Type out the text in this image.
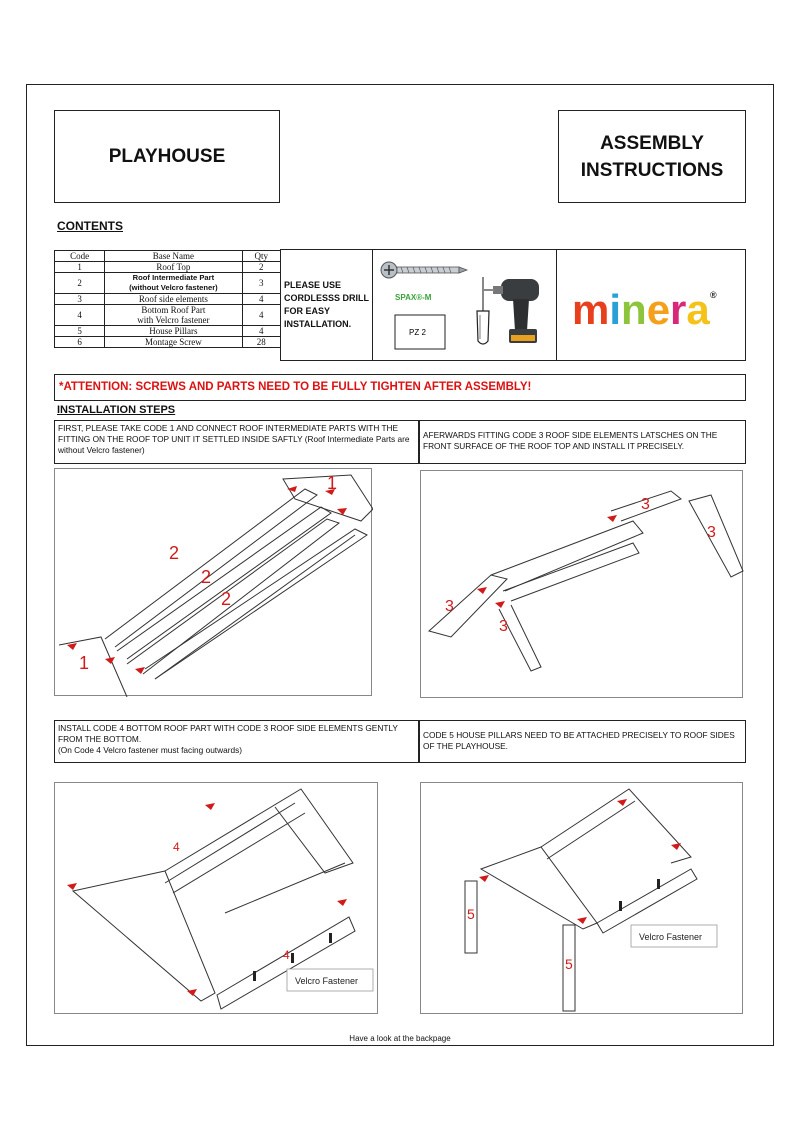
PLAYHOUSE
ASSEMBLY
INSTRUCTIONS
CONTENTS
Code	Base Name	Qty
1	Roof Top	2
2	Roof Intermediate Part
(without Velcro fastener)	3
3	Roof side elements	4
4	Bottom Roof Part
with Velcro fastener	4
5	House Pillars	4
6	Montage Screw	28
PLEASE USE
CORDLESSS DRILL
FOR EASY
INSTALLATION.
SPAX®-M
PZ 2	minera ®
*ATTENTION: SCREWS AND PARTS NEED TO BE FULLY TIGHTEN AFTER ASSEMBLY!
INSTALLATION STEPS
FIRST, PLEASE TAKE CODE 1 AND CONNECT ROOF INTERMEDIATE PARTS WITH THE FITTING ON THE ROOF TOP UNIT IT SETTLED INSIDE SAFTLY (Roof Intermediate Parts are without Velcro fastener)
AFERWARDS FITTING CODE 3 ROOF SIDE ELEMENTS LATSCHES ON THE FRONT SURFACE OF THE ROOF TOP AND INSTALL IT PRECISELY.
1
2
2
2
1
3
3
3
3
INSTALL CODE 4 BOTTOM ROOF PART WITH CODE 3 ROOF SIDE ELEMENTS GENTLY FROM THE BOTTOM.
(On Code 4 Velcro fastener must facing outwards)
CODE 5 HOUSE PILLARS NEED TO BE ATTACHED PRECISELY TO ROOF SIDES OF THE PLAYHOUSE.
4
4
Velcro Fastener
5
5
Velcro Fastener
Have a look at the backpage
